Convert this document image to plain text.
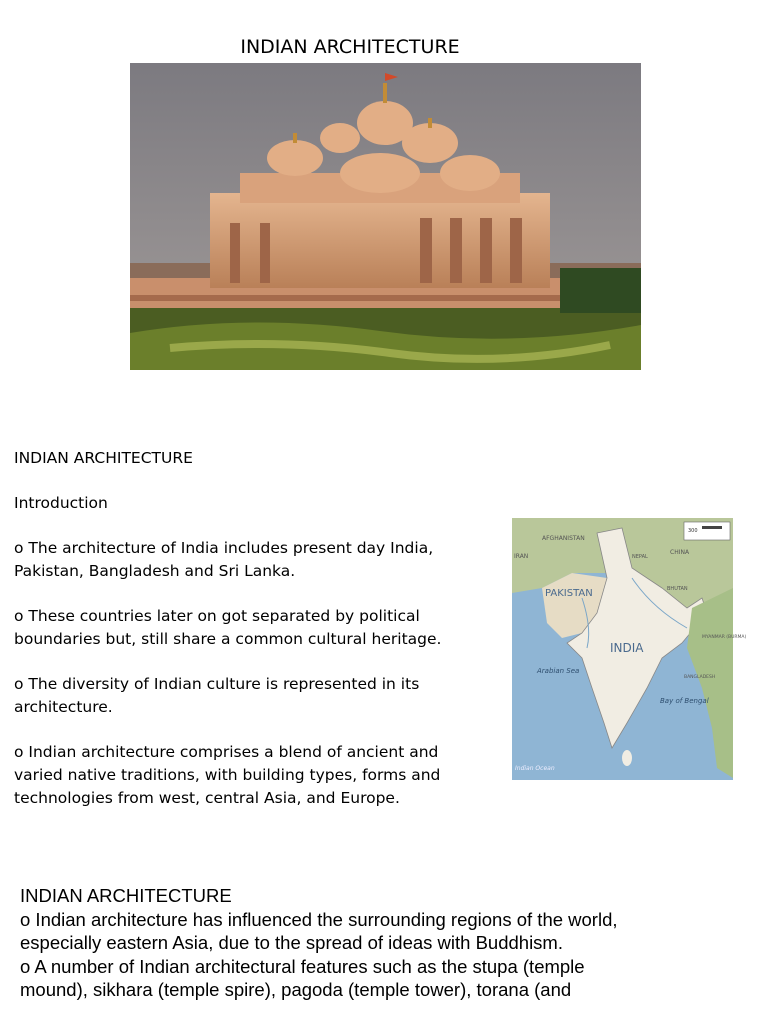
INDIAN ARCHITECTURE

INDIAN ARCHITECTURE

Introduction

o The architecture of India includes present day India, Pakistan, Bangladesh and Sri Lanka.

o These countries later on got separated by political boundaries but, still share a common cultural heritage.

o The diversity of Indian culture is represented in its architecture.

o Indian architecture comprises a blend of ancient and varied native traditions, with building types, forms and technologies from west, central Asia, and Europe.

300
AFGHANISTAN
CHINA
IRAN	NEPAL
BHUTAN
PAKISTAN
INDIA
Arabian Sea
Bay of Bengal
Indian Ocean
BANGLADESH
MYANMAR (BURMA)

INDIAN ARCHITECTURE

o Indian architecture has influenced the surrounding regions of the world, especially eastern Asia, due to the spread of ideas with Buddhism.

o A number of Indian architectural features such as the stupa (temple mound), sikhara (temple spire), pagoda (temple tower), torana (and
